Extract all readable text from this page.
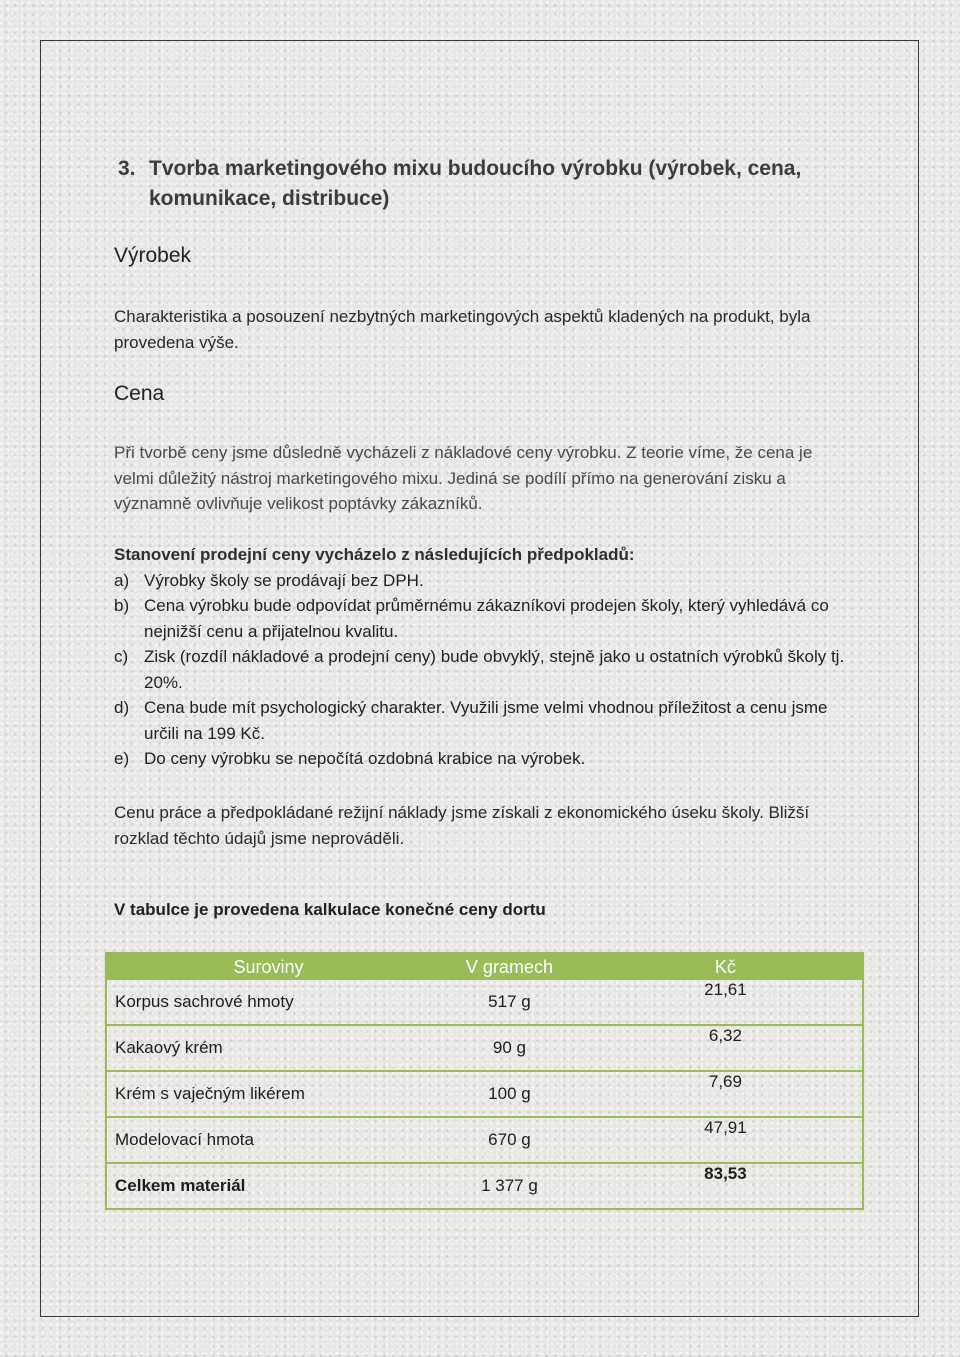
3. Tvorba marketingového mixu budoucího výrobku (výrobek, cena, komunikace, distribuce)
Výrobek
Charakteristika a posouzení nezbytných marketingových aspektů kladených na produkt, byla provedena výše.
Cena
Při tvorbě ceny jsme důsledně vycházeli z nákladové ceny výrobku. Z teorie víme, že cena je velmi důležitý nástroj marketingového mixu. Jediná se podílí přímo na generování zisku a významně ovlivňuje velikost poptávky zákazníků.
Stanovení prodejní ceny vycházelo z následujících předpokladů:
a) Výrobky školy se prodávají bez DPH.
b) Cena výrobku bude odpovídat průměrnému zákazníkovi prodejen školy, který vyhledává co nejnižší cenu a přijatelnou kvalitu.
c) Zisk (rozdíl nákladové a prodejní ceny) bude obvyklý, stejně jako u ostatních výrobků školy tj. 20%.
d) Cena bude mít psychologický charakter. Využili jsme velmi vhodnou příležitost a cenu jsme určili na 199 Kč.
e) Do ceny výrobku se nepočítá ozdobná krabice na výrobek.
Cenu práce a předpokládané režijní náklady jsme získali z ekonomického úseku školy. Bližší rozklad těchto údajů jsme neprováděli.
V tabulce je provedena kalkulace konečné ceny dortu
Suroviny	V gramech	Kč
Korpus sachrové hmoty	517 g	21,61
Kakaový krém	90 g	6,32
Krém s vaječným likérem	100 g	7,69
Modelovací hmota	670 g	47,91
Celkem materiál	1 377 g	83,53
